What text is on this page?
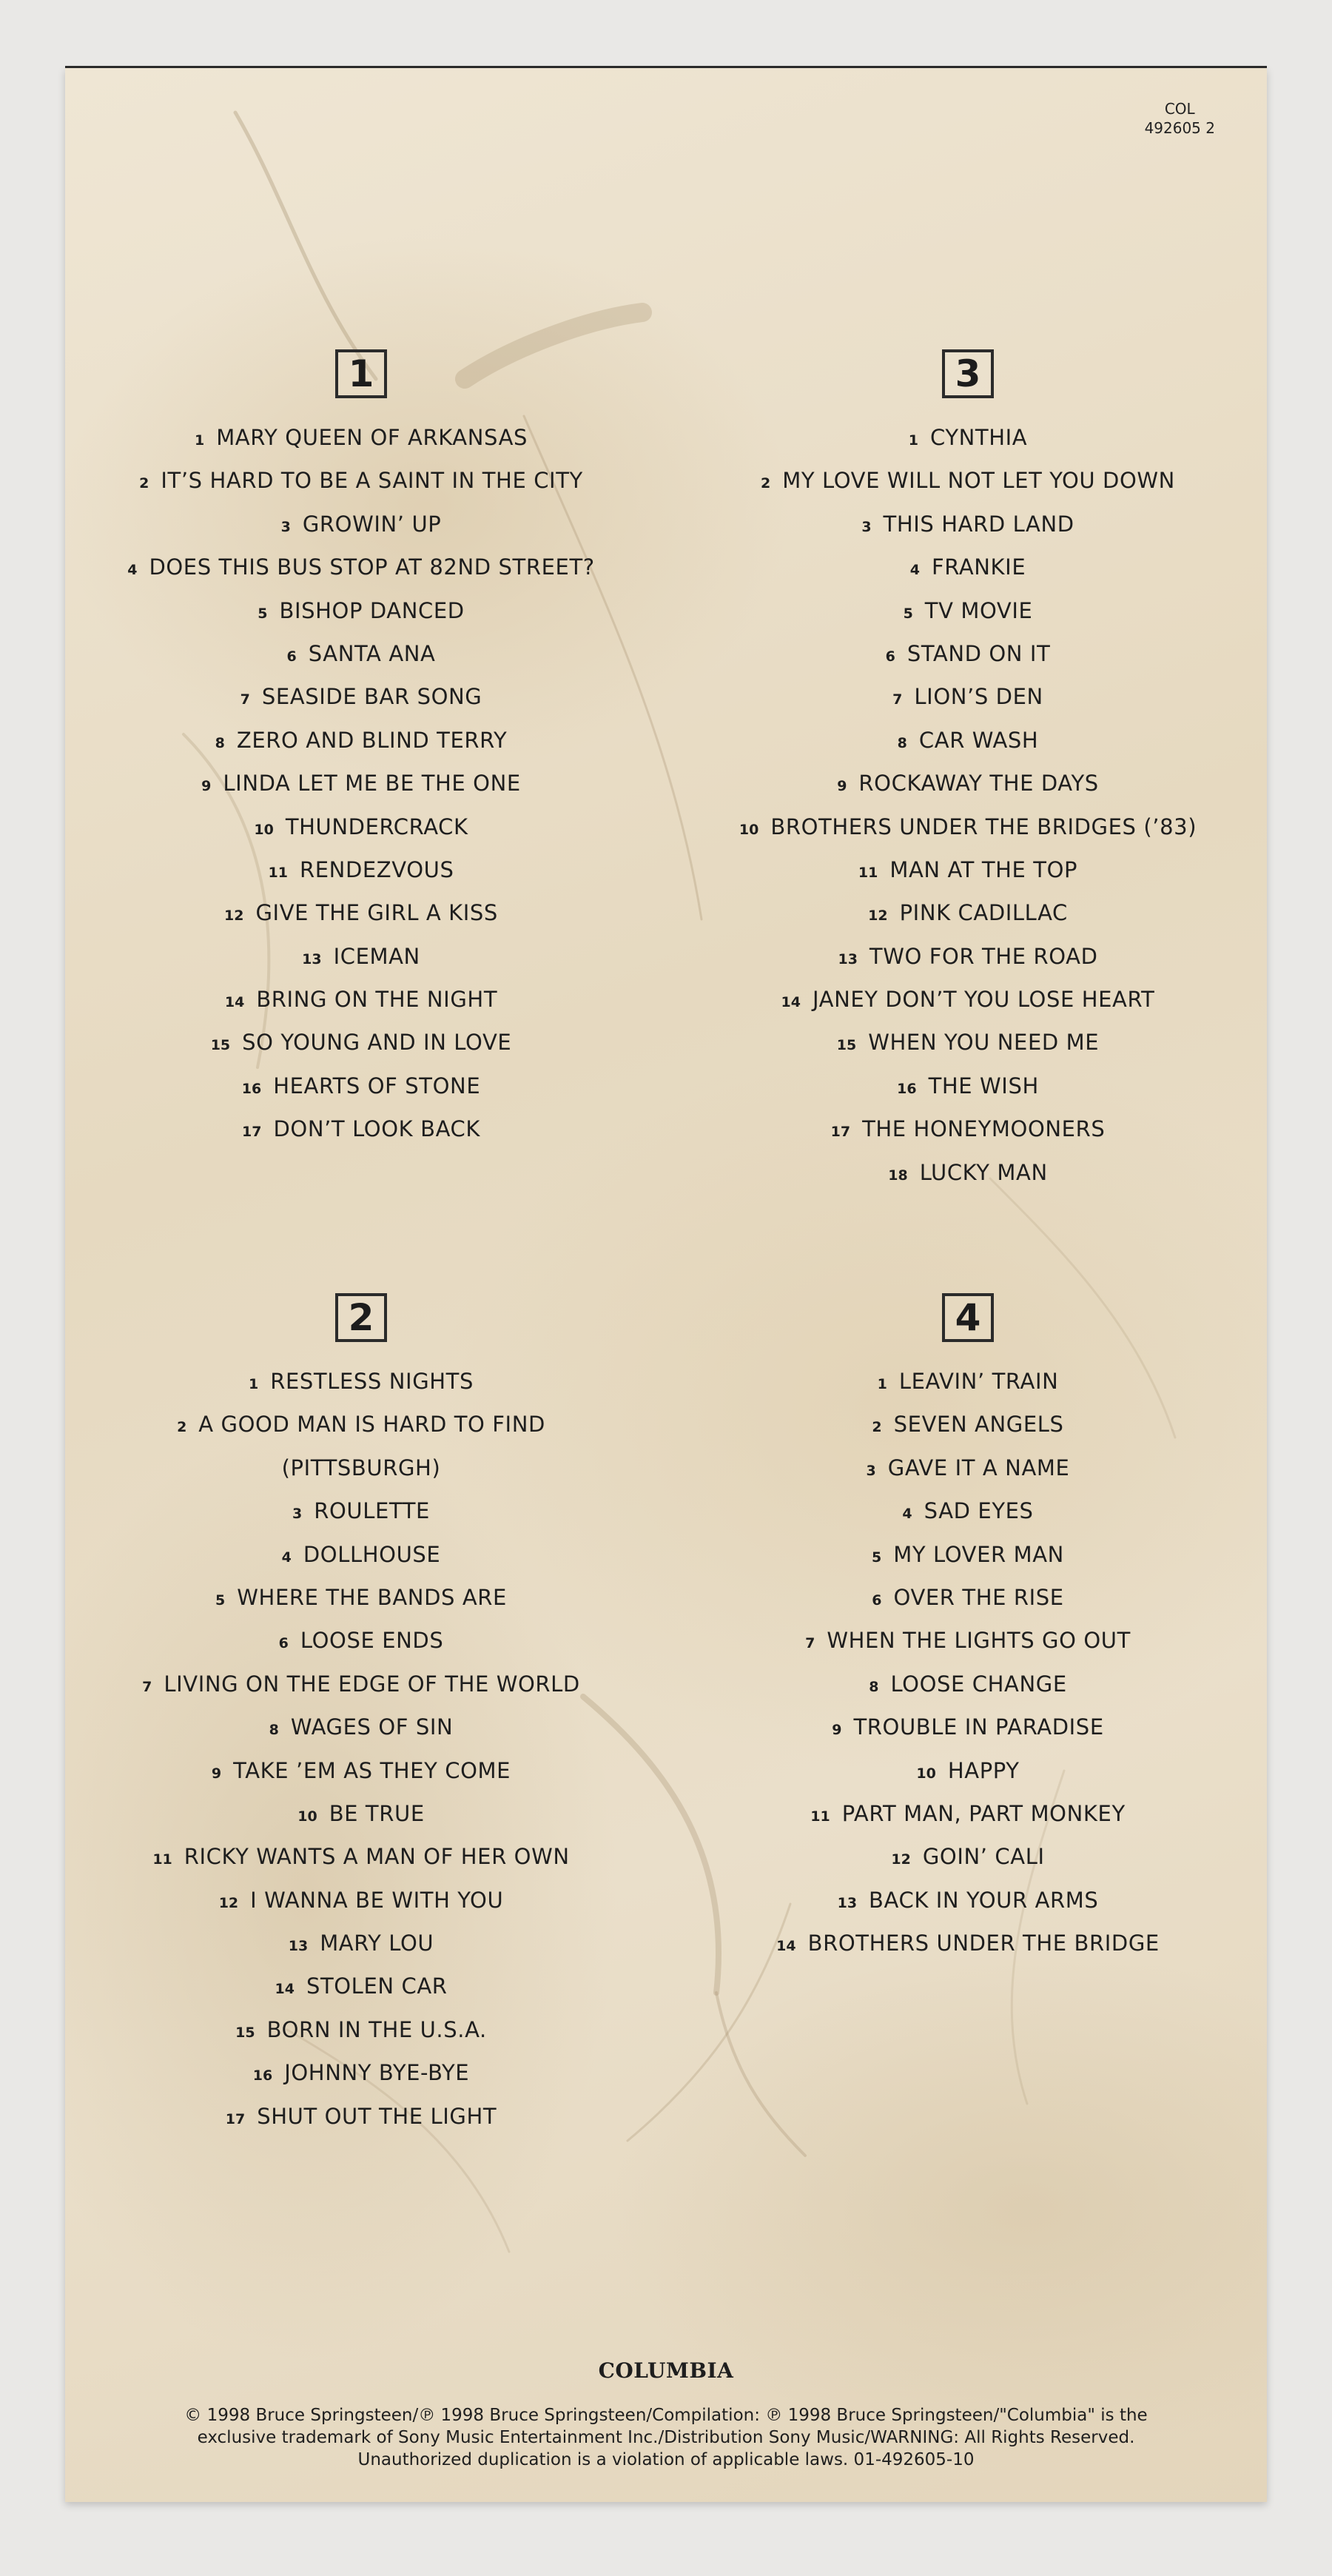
COL
492605 2
1
1 MARY QUEEN OF ARKANSAS
2 IT’S HARD TO BE A SAINT IN THE CITY
3 GROWIN’ UP
4 DOES THIS BUS STOP AT 82ND STREET?
5 BISHOP DANCED
6 SANTA ANA
7 SEASIDE BAR SONG
8 ZERO AND BLIND TERRY
9 LINDA LET ME BE THE ONE
10 THUNDERCRACK
11 RENDEZVOUS
12 GIVE THE GIRL A KISS
13 ICEMAN
14 BRING ON THE NIGHT
15 SO YOUNG AND IN LOVE
16 HEARTS OF STONE
17 DON’T LOOK BACK
3
1 CYNTHIA
2 MY LOVE WILL NOT LET YOU DOWN
3 THIS HARD LAND
4 FRANKIE
5 TV MOVIE
6 STAND ON IT
7 LION’S DEN
8 CAR WASH
9 ROCKAWAY THE DAYS
10 BROTHERS UNDER THE BRIDGES (’83)
11 MAN AT THE TOP
12 PINK CADILLAC
13 TWO FOR THE ROAD
14 JANEY DON’T YOU LOSE HEART
15 WHEN YOU NEED ME
16 THE WISH
17 THE HONEYMOONERS
18 LUCKY MAN
2
1 RESTLESS NIGHTS
2 A GOOD MAN IS HARD TO FIND
(PITTSBURGH)
3 ROULETTE
4 DOLLHOUSE
5 WHERE THE BANDS ARE
6 LOOSE ENDS
7 LIVING ON THE EDGE OF THE WORLD
8 WAGES OF SIN
9 TAKE ’EM AS THEY COME
10 BE TRUE
11 RICKY WANTS A MAN OF HER OWN
12 I WANNA BE WITH YOU
13 MARY LOU
14 STOLEN CAR
15 BORN IN THE U.S.A.
16 JOHNNY BYE-BYE
17 SHUT OUT THE LIGHT
4
1 LEAVIN’ TRAIN
2 SEVEN ANGELS
3 GAVE IT A NAME
4 SAD EYES
5 MY LOVER MAN
6 OVER THE RISE
7 WHEN THE LIGHTS GO OUT
8 LOOSE CHANGE
9 TROUBLE IN PARADISE
10 HAPPY
11 PART MAN, PART MONKEY
12 GOIN’ CALI
13 BACK IN YOUR ARMS
14 BROTHERS UNDER THE BRIDGE
COLUMBIA
© 1998 Bruce Springsteen/℗ 1998 Bruce Springsteen/Compilation: ℗ 1998 Bruce Springsteen/"Columbia" is the
exclusive trademark of Sony Music Entertainment Inc./Distribution Sony Music/WARNING: All Rights Reserved.
Unauthorized duplication is a violation of applicable laws. 01-492605-10
